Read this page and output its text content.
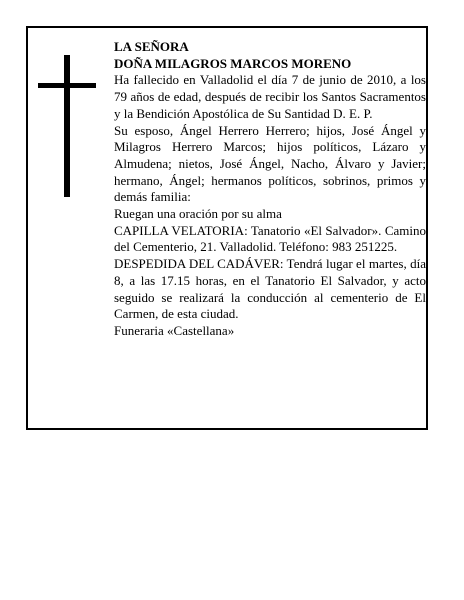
LA SEÑORA

DOÑA MILAGROS MARCOS MORENO

Ha fallecido en Valladolid el día 7 de junio de 2010, a los 79 años de edad, después de recibir los Santos Sacramentos y la Bendición Apostólica de Su Santidad D. E. P.

Su esposo, Ángel Herrero Herrero; hijos, José Ángel y Milagros Herrero Marcos; hijos políticos, Lázaro y Almudena; nietos, José Ángel, Nacho, Álvaro y Javier; hermano, Ángel; hermanos políticos, sobrinos, primos y demás familia:

Ruegan una oración por su alma

CAPILLA VELATORIA: Tanatorio «El Salvador». Camino del Cementerio, 21. Valladolid. Teléfono: 983 251225.

DESPEDIDA DEL CADÁVER: Tendrá lugar el martes, día 8, a las 17.15 horas, en el Tanatorio El Salvador, y acto seguido se realizará la conducción al cementerio de El Carmen, de esta ciudad.

Funeraria «Castellana»
